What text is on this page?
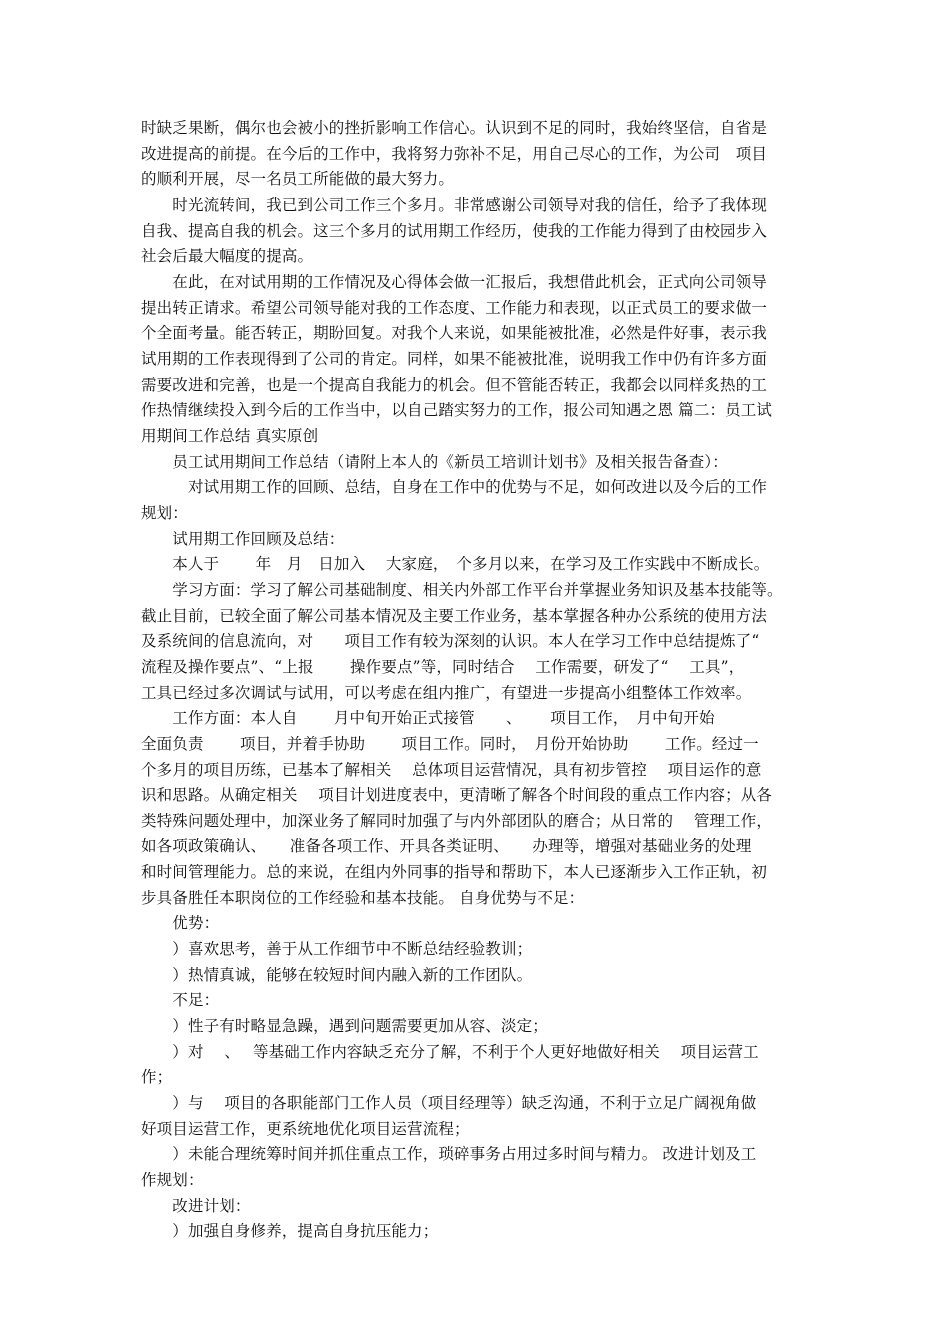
时缺乏果断，偶尔也会被小的挫折影响工作信心。认识到不足的同时，我始终坚信，自省是
改进提高的前提。在今后的工作中，我将努力弥补不足，用自己尽心的工作，为公司　项目
的顺利开展，尽一名员工所能做的最大努力。
　　时光流转间，我已到公司工作三个多月。非常感谢公司领导对我的信任，给予了我体现
自我、提高自我的机会。这三个多月的试用期工作经历，使我的工作能力得到了由校园步入
社会后最大幅度的提高。
　　在此，在对试用期的工作情况及心得体会做一汇报后，我想借此机会，正式向公司领导
提出转正请求。希望公司领导能对我的工作态度、工作能力和表现，以正式员工的要求做一
个全面考量。能否转正，期盼回复。对我个人来说，如果能被批准，必然是件好事，表示我
试用期的工作表现得到了公司的肯定。同样，如果不能被批准，说明我工作中仍有许多方面
需要改进和完善，也是一个提高自我能力的机会。但不管能否转正，我都会以同样炙热的工
作热情继续投入到今后的工作当中，以自己踏实努力的工作，报公司知遇之恩 篇二：员工试
用期间工作总结 真实原创
　　员工试用期间工作总结（请附上本人的《新员工培训计划书》及相关报告备查）：
　　　对试用期工作的回顾、总结，自身在工作中的优势与不足，如何改进以及今后的工作
规划：
　　试用期工作回顾及总结：
　　本人于　　 年　月　日加入　 大家庭，　个多月以来，在学习及工作实践中不断成长。
　　学习方面：学习了解公司基础制度、相关内外部工作平台并掌握业务知识及基本技能等。
截止目前，已较全面了解公司基本情况及主要工作业务，基本掌握各种办公系统的使用方法
及系统间的信息流向，对　　项目工作有较为深刻的认识。本人在学习工作中总结提炼了“
流程及操作要点”、“上报　　 操作要点”等，同时结合　 工作需要，研发了“　 工具”，
工具已经过多次调试与试用，可以考虑在组内推广，有望进一步提高小组整体工作效率。
　　工作方面：本人自　　 月中旬开始正式接管　　、　　 项目工作，　月中旬开始
全面负责　　 项目，并着手协助　　 项目工作。同时，　月份开始协助　　 工作。经过一
个多月的项目历练，已基本了解相关　 总体项目运营情况，具有初步管控　 项目运作的意
识和思路。从确定相关　 项目计划进度表中，更清晰了解各个时间段的重点工作内容；从各
类特殊问题处理中，加深业务了解同时加强了与内外部团队的磨合；从日常的　 管理工作，
如各项政策确认、　　准备各项工作、开具各类证明、　　办理等，增强对基础业务的处理
和时间管理能力。总的来说，在组内外同事的指导和帮助下，本人已逐渐步入工作正轨，初
步具备胜任本职岗位的工作经验和基本技能。 自身优势与不足：
　　优势：
　　）喜欢思考，善于从工作细节中不断总结经验教训；
　　）热情真诚，能够在较短时间内融入新的工作团队。
　　不足：
　　）性子有时略显急躁，遇到问题需要更加从容、淡定；
　　）对　 、　 等基础工作内容缺乏充分了解，不利于个人更好地做好相关　 项目运营工
作；
　　）与　 项目的各职能部门工作人员（项目经理等）缺乏沟通，不利于立足广阔视角做
好项目运营工作，更系统地优化项目运营流程；
　　）未能合理统筹时间并抓住重点工作，琐碎事务占用过多时间与精力。 改进计划及工
作规划：
　　改进计划：
　　）加强自身修养，提高自身抗压能力；
